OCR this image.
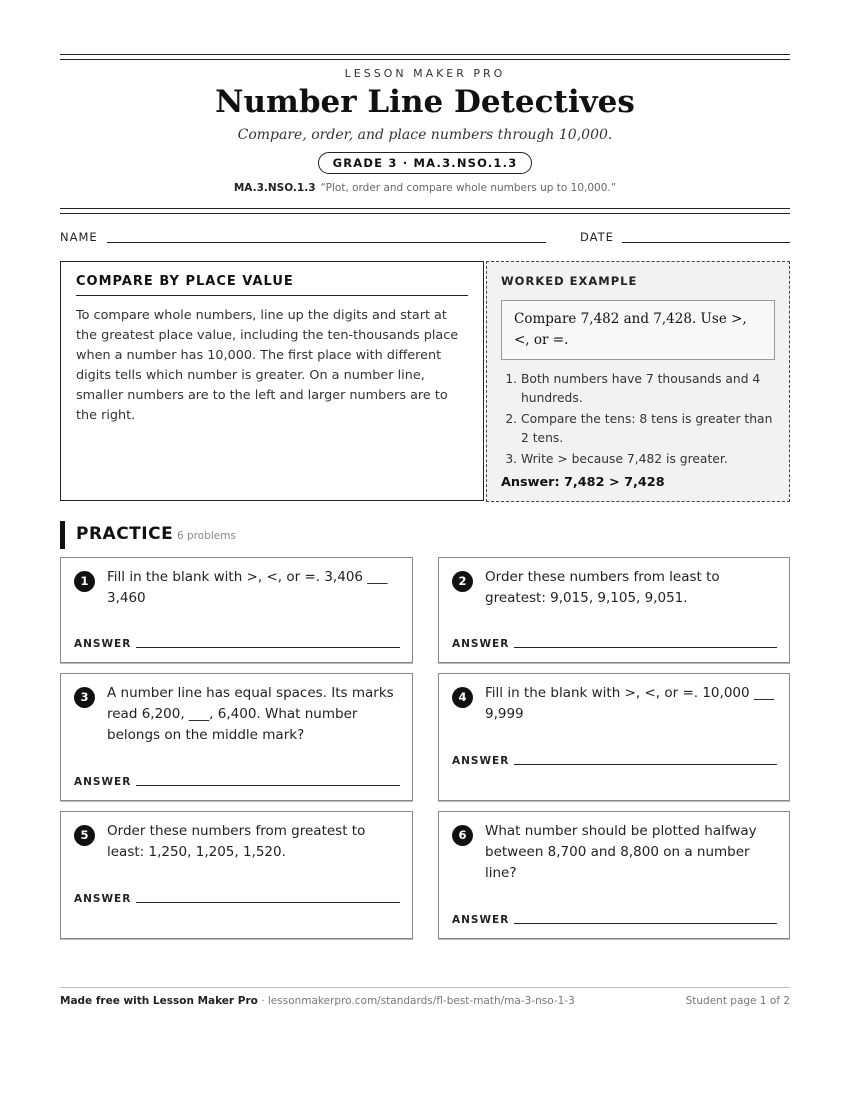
LESSON MAKER PRO
Number Line Detectives
Compare, order, and place numbers through 10,000.
GRADE 3 · MA.3.NSO.1.3
MA.3.NSO.1.3 “Plot, order and compare whole numbers up to 10,000.”
NAME	DATE
COMPARE BY PLACE VALUE
To compare whole numbers, line up the digits and start at the greatest place value, including the ten-thousands place when a number has 10,000. The first place with different digits tells which number is greater. On a number line, smaller numbers are to the left and larger numbers are to the right.
WORKED EXAMPLE
Compare 7,482 and 7,428. Use >, <, or =.
1. Both numbers have 7 thousands and 4 hundreds.
2. Compare the tens: 8 tens is greater than 2 tens.
3. Write > because 7,482 is greater.
Answer: 7,482 > 7,428
PRACTICE 6 problems
1	Fill in the blank with >, <, or =. 3,406 ___ 3,460
ANSWER
2	Order these numbers from least to greatest: 9,015, 9,105, 9,051.
ANSWER
3	A number line has equal spaces. Its marks read 6,200, ___, 6,400. What number belongs on the middle mark?
ANSWER
4	Fill in the blank with >, <, or =. 10,000 ___ 9,999
ANSWER
5	Order these numbers from greatest to least: 1,250, 1,205, 1,520.
ANSWER
6	What number should be plotted halfway between 8,700 and 8,800 on a number line?
ANSWER
Made free with Lesson Maker Pro · lessonmakerpro.com/standards/fl-best-math/ma-3-nso-1-3	Student page 1 of 2
